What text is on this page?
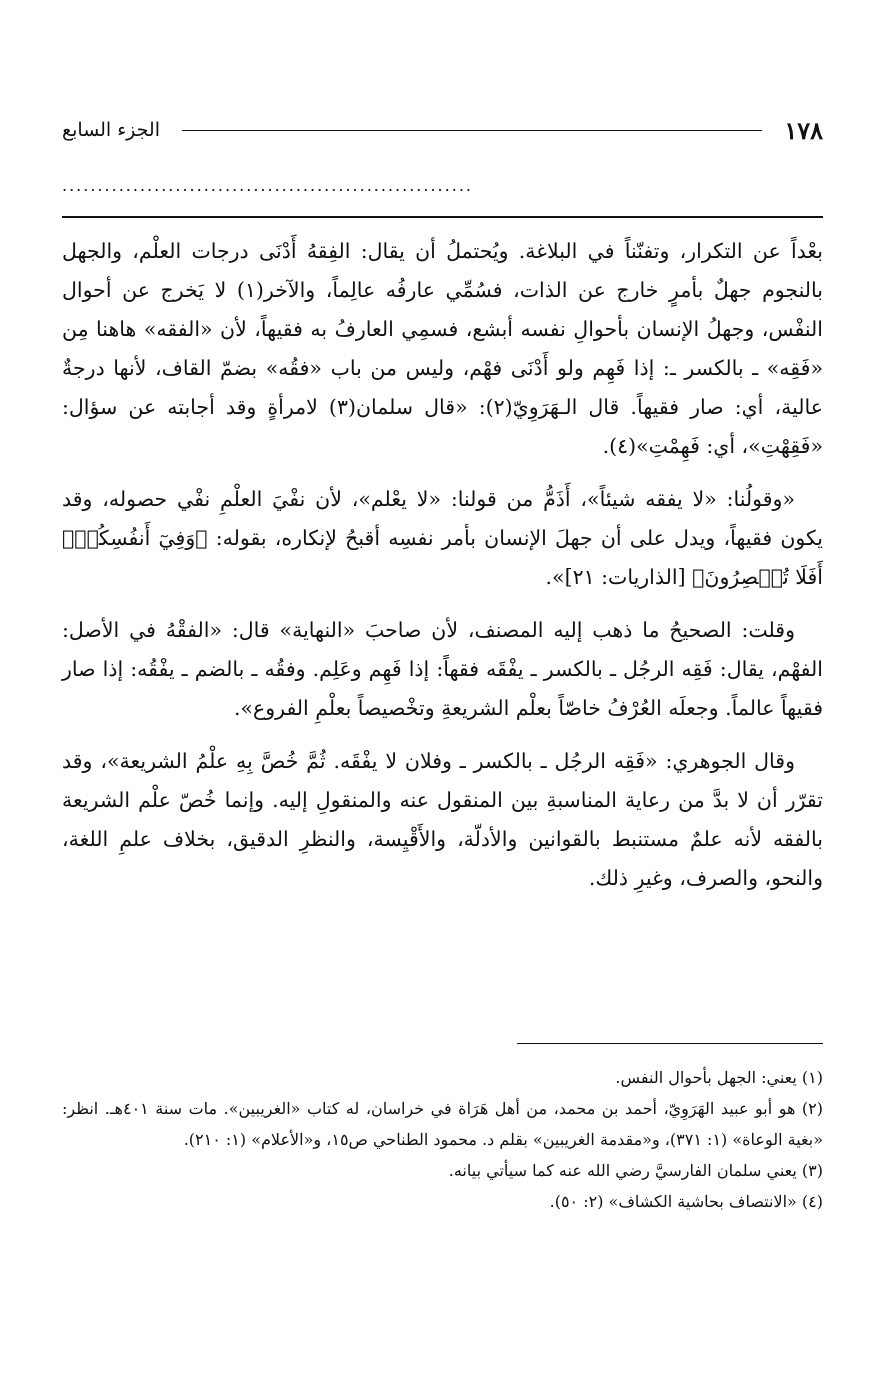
١٧٨
الجزء السابع
..........................................................

بعْداً عن التكرار، وتفنّناً في البلاغة. ويُحتملُ أن يقال: الفِقهُ أَدْنَى درجات العلْم، والجهل بالنجوم جهلٌ بأمرٍ خارج عن الذات، فسُمِّي عارفُه عالِماً، والآخر(١) لا يَخرج عن أحوال النفْس، وجهلُ الإنسان بأحوالِ نفسه أبشع، فسمِي العارفُ به فقيهاً، لأن «الفقه» هاهنا مِن «فَقِه» ـ بالكسر ـ: إذا فَهِم ولو أَدْنَى فهْم، وليس من باب «فقُه» بضمّ القاف، لأنها درجةٌ عالية، أي: صار فقيهاً. قال الـهَرَوِيّ(٢): «قال سلمان(٣) لامرأةٍ وقد أجابته عن سؤال: «فَقِهْتِ»، أي: فَهِمْتِ»(٤).

«وقولُنا: «لا يفقه شيئاً»، أَذَمُّ من قولنا: «لا يعْلم»، لأن نفْيَ العلْمِ نفْي حصوله، وقد يكون فقيهاً، ويدل على أن جهلَ الإنسان بأمر نفسِه أقبحُ لإنكاره، بقوله: ﴿وَفِيٓ أَنفُسِكُمۡۚ أَفَلَا تُبۡصِرُونَ﴾ [الذاريات: ٢١]».

وقلت: الصحيحُ ما ذهب إليه المصنف، لأن صاحبَ «النهاية» قال: «الفقْهُ في الأصل: الفهْم، يقال: فَقِه الرجُل ـ بالكسر ـ يفْقَه فقهاً: إذا فَهِم وعَلِم. وفقُه ـ بالضم ـ يفْقُه: إذا صار فقيهاً عالماً. وجعلَه العُرْفُ خاصّاً بعلْم الشريعةِ وتخْصيصاً بعلْمِ الفروع».

وقال الجوهري: «فَقِه الرجُل ـ بالكسر ـ وفلان لا يفْقَه. ثُمَّ خُصَّ بِهِ علْمُ الشريعة»، وقد تقرّر أن لا بدَّ من رعاية المناسبةِ بين المنقول عنه والمنقولِ إليه. وإنما خُصّ علْم الشريعة بالفقه لأنه علمٌ مستنبط بالقوانين والأدلّة، والأَقْيِسة، والنظرِ الدقيق، بخلاف علمِ اللغة، والنحو، والصرف، وغيرِ ذلك.

(١) يعني: الجهل بأحوال النفس.

(٢) هو أبو عبيد الهَرَوِيّ، أحمد بن محمد، من أهل هَرَاة في خراسان، له كتاب «الغريبين». مات سنة ٤٠١هـ. انظر: «بغية الوعاة» (١: ٣٧١)، و«مقدمة الغريبين» بقلم د. محمود الطناحي ص١٥، و«الأعلام» (١: ٢١٠).

(٣) يعني سلمان الفارسيَّ رضي الله عنه كما سيأتي بيانه.

(٤) «الانتصاف بحاشية الكشاف» (٢: ٥٠).
